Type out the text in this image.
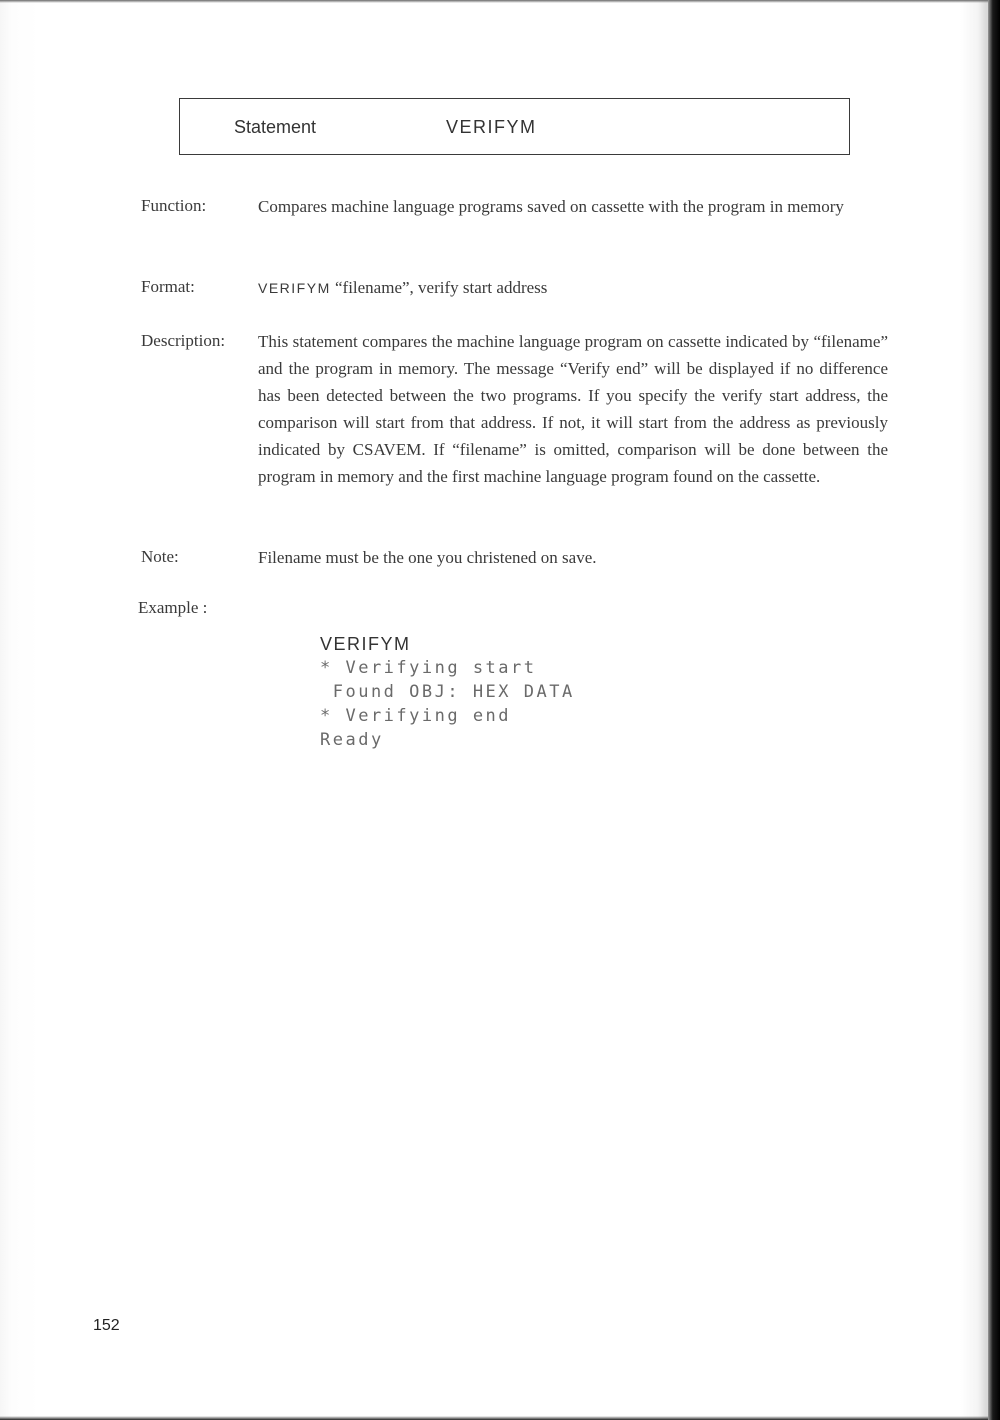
Statement	VERIFYM
Function:	Compares machine language programs saved on cassette with the program in memory
Format:	VERIFYM “filename”, verify start address
Description: This statement compares the machine language program on cassette indicated by “filename” and the program in memory. The message “Verify end” will be displayed if no difference has been detected between the two programs. If you specify the verify start address, the comparison will start from that address. If not, it will start from the address as previously indicated by CSAVEM. If “filename” is omitted, comparison will be done between the program in memory and the first machine language program found on the cassette.
Note:	Filename must be the one you christened on save.
Example :
VERIFYM
* Verifying start
Found OBJ: HEX DATA
* Verifying end
Ready
152
